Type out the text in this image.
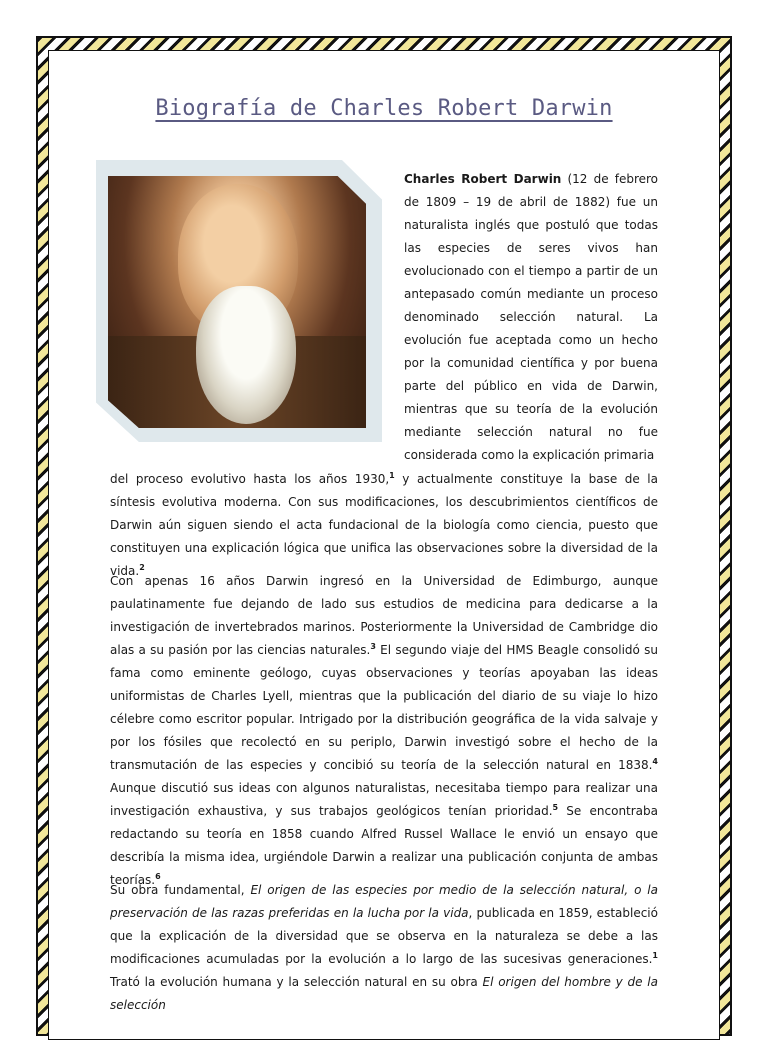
Biografía de Charles Robert Darwin

Charles Robert Darwin (12 de febrero de 1809 – 19 de abril de 1882) fue un naturalista inglés que postuló que todas las especies de seres vivos han evolucionado con el tiempo a partir de un antepasado común mediante un proceso denominado selección natural. La evolución fue aceptada como un hecho por la comunidad científica y por buena parte del público en vida de Darwin, mientras que su teoría de la evolución mediante selección natural no fue considerada como la explicación primaria

del proceso evolutivo hasta los años 1930,$^1$ y actualmente constituye la base de la síntesis evolutiva moderna. Con sus modificaciones, los descubrimientos científicos de Darwin aún siguen siendo el acta fundacional de la biología como ciencia, puesto que constituyen una explicación lógica que unifica las observaciones sobre la diversidad de la vida.$^2$

Con apenas 16 años Darwin ingresó en la Universidad de Edimburgo, aunque paulatinamente fue dejando de lado sus estudios de medicina para dedicarse a la investigación de invertebrados marinos. Posteriormente la Universidad de Cambridge dio alas a su pasión por las ciencias naturales.$^3$ El segundo viaje del HMS Beagle consolidó su fama como eminente geólogo, cuyas observaciones y teorías apoyaban las ideas uniformistas de Charles Lyell, mientras que la publicación del diario de su viaje lo hizo célebre como escritor popular. Intrigado por la distribución geográfica de la vida salvaje y por los fósiles que recolectó en su periplo, Darwin investigó sobre el hecho de la transmutación de las especies y concibió su teoría de la selección natural en 1838.$^4$ Aunque discutió sus ideas con algunos naturalistas, necesitaba tiempo para realizar una investigación exhaustiva, y sus trabajos geológicos tenían prioridad.$^5$ Se encontraba redactando su teoría en 1858 cuando Alfred Russel Wallace le envió un ensayo que describía la misma idea, urgiéndole Darwin a realizar una publicación conjunta de ambas teorías.$^6$

Su obra fundamental, El origen de las especies por medio de la selección natural, o la preservación de las razas preferidas en la lucha por la vida, publicada en 1859, estableció que la explicación de la diversidad que se observa en la naturaleza se debe a las modificaciones acumuladas por la evolución a lo largo de las sucesivas generaciones.$^1$ Trató la evolución humana y la selección natural en su obra El origen del hombre y de la selección
